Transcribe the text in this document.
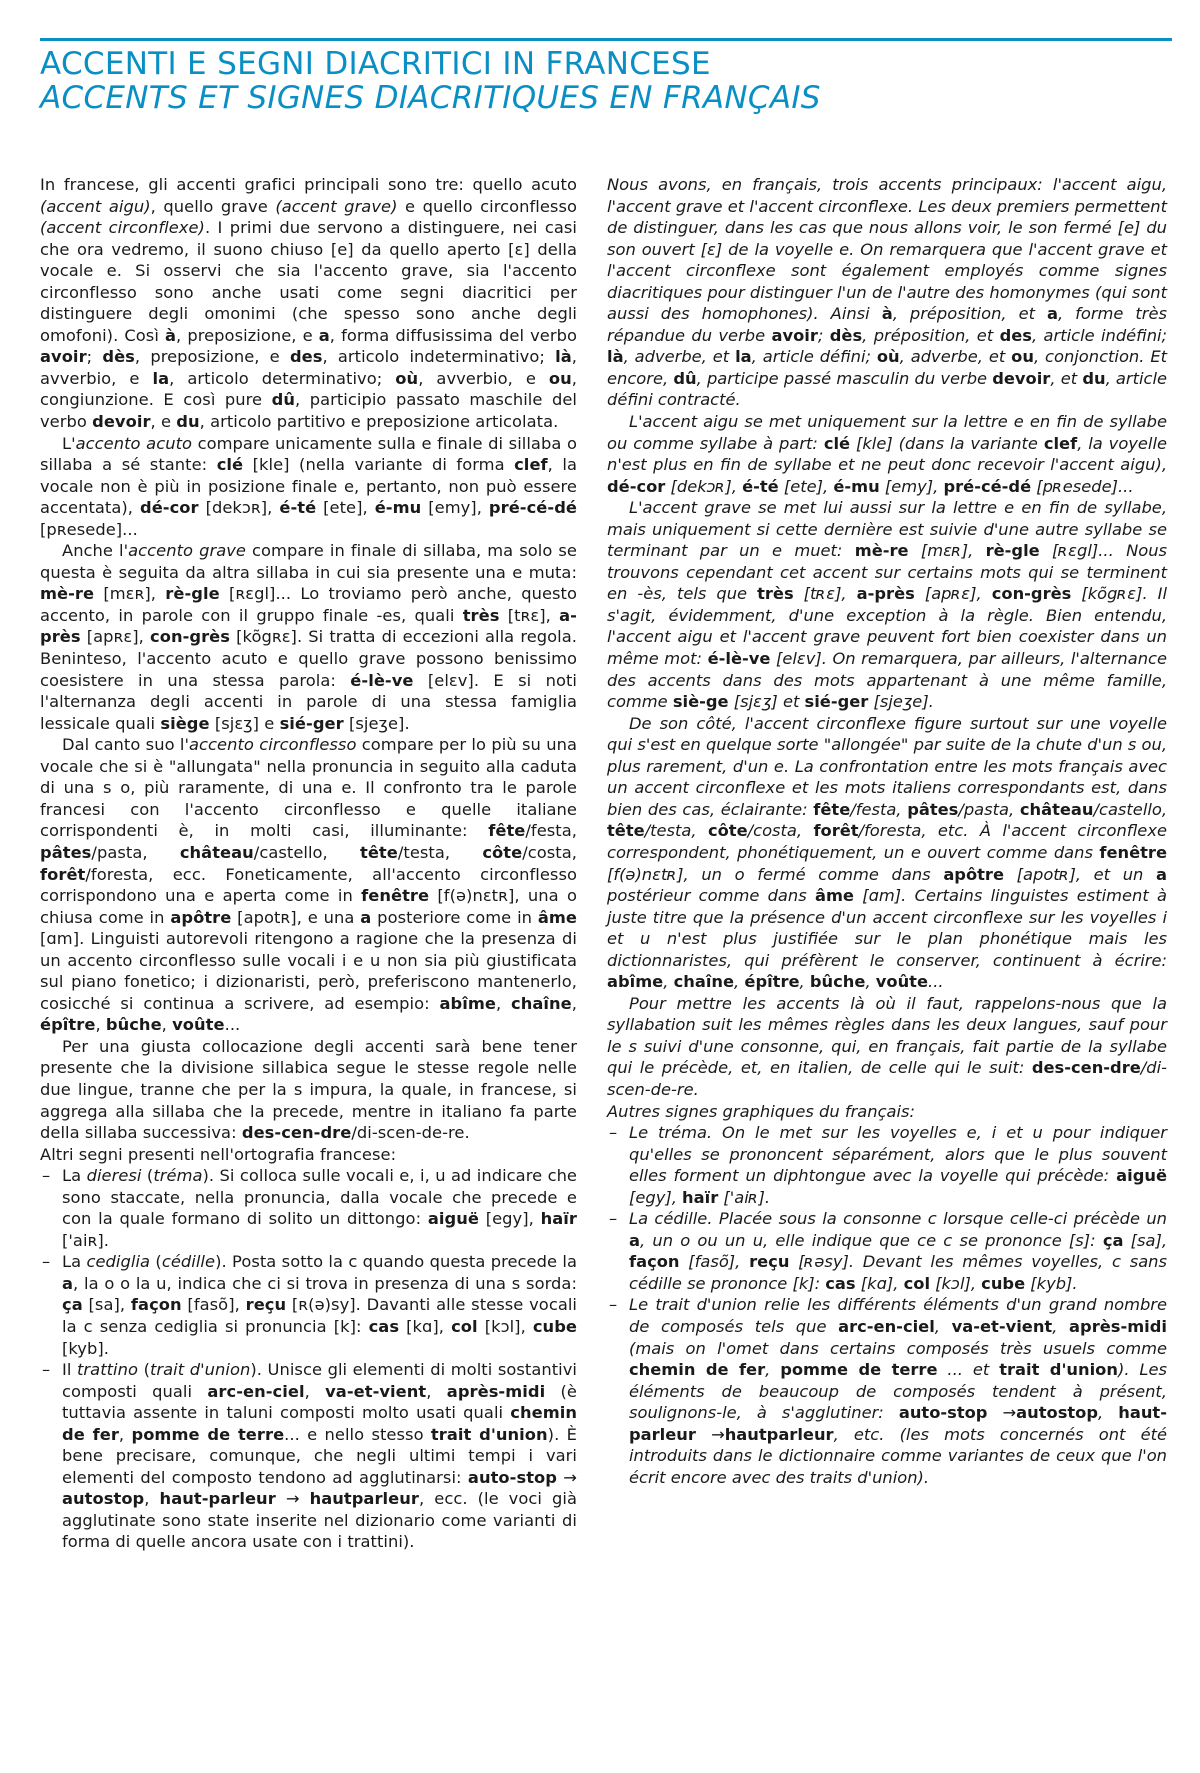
ACCENTI E SEGNI DIACRITICI IN FRANCESE
ACCENTS ET SIGNES DIACRITIQUES EN FRANÇAIS

In francese, gli accenti grafici principali sono tre: quello acuto (accent aigu), quello grave (accent grave) e quello circonflesso (accent circonflexe). I primi due servono a distinguere, nei casi che ora vedremo, il suono chiuso [e] da quello aperto [ɛ] della vocale e. Si osservi che sia l'accento grave, sia l'accento circonflesso sono anche usati come segni diacritici per distinguere degli omonimi (che spesso sono anche degli omofoni). Così à, preposizione, e a, forma diffusissima del verbo avoir; dès, preposizione, e des, articolo indeterminativo; là, avverbio, e la, articolo determinativo; où, avverbio, e ou, congiunzione. E così pure dû, participio passato maschile del verbo devoir, e du, articolo partitivo e preposizione articolata.

L'accento acuto compare unicamente sulla e finale di sillaba o sillaba a sé stante: clé [kle] (nella variante di forma clef, la vocale non è più in posizione finale e, pertanto, non può essere accentata), dé-cor [dekɔʀ], é-té [ete], é-mu [emy], pré-cé-dé [pʀesede]...

Anche l'accento grave compare in finale di sillaba, ma solo se questa è seguita da altra sillaba in cui sia presente una e muta: mè-re [mɛʀ], rè-gle [ʀɛgl]... Lo troviamo però anche, questo accento, in parole con il gruppo finale -es, quali très [tʀɛ], a-près [apʀɛ], con-grès [kõgʀɛ]. Si tratta di eccezioni alla regola. Beninteso, l'accento acuto e quello grave possono benissimo coesistere in una stessa parola: é-lè-ve [elɛv]. E si noti l'alternanza degli accenti in parole di una stessa famiglia lessicale quali siège [sjɛʒ] e sié-ger [sjeʒe].

Dal canto suo l'accento circonflesso compare per lo più su una vocale che si è "allungata" nella pronuncia in seguito alla caduta di una s o, più raramente, di una e. Il confronto tra le parole francesi con l'accento circonflesso e quelle italiane corrispondenti è, in molti casi, illuminante: fête/festa, pâtes/pasta, château/castello, tête/testa, côte/costa, forêt/foresta, ecc. Foneticamente, all'accento circonflesso corrispondono una e aperta come in fenêtre [f(ə)nɛtʀ], una o chiusa come in apôtre [apotʀ], e una a posteriore come in âme [ɑm]. Linguisti autorevoli ritengono a ragione che la presenza di un accento circonflesso sulle vocali i e u non sia più giustificata sul piano fonetico; i dizionaristi, però, preferiscono mantenerlo, cosicché si continua a scrivere, ad esempio: abîme, chaîne, épître, bûche, voûte...

Per una giusta collocazione degli accenti sarà bene tener presente che la divisione sillabica segue le stesse regole nelle due lingue, tranne che per la s impura, la quale, in francese, si aggrega alla sillaba che la precede, mentre in italiano fa parte della sillaba successiva: des-cen-dre/di-scen-de-re.

Altri segni presenti nell'ortografia francese:

– La dieresi (tréma). Si colloca sulle vocali e, i, u ad indicare che sono staccate, nella pronuncia, dalla vocale che precede e con la quale formano di solito un dittongo: aiguë [egy], haïr ['aiʀ].
– La cediglia (cédille). Posta sotto la c quando questa precede la a, la o o la u, indica che ci si trova in presenza di una s sorda: ça [sa], façon [fasõ], reçu [ʀ(ə)sy]. Davanti alle stesse vocali la c senza cediglia si pronuncia [k]: cas [kɑ], col [kɔl], cube [kyb].
– Il trattino (trait d'union). Unisce gli elementi di molti sostantivi composti quali arc-en-ciel, va-et-vient, après-midi (è tuttavia assente in taluni composti molto usati quali chemin de fer, pomme de terre... e nello stesso trait d'union). È bene precisare, comunque, che negli ultimi tempi i vari elementi del composto tendono ad agglutinarsi: auto-stop → autostop, haut-parleur → hautparleur, ecc. (le voci già agglutinate sono state inserite nel dizionario come varianti di forma di quelle ancora usate con i trattini).

Nous avons, en français, trois accents principaux: l'accent aigu, l'accent grave et l'accent circonflexe. Les deux premiers permettent de distinguer, dans les cas que nous allons voir, le son fermé [e] du son ouvert [ɛ] de la voyelle e. On remarquera que l'accent grave et l'accent circonflexe sont également employés comme signes diacritiques pour distinguer l'un de l'autre des homonymes (qui sont aussi des homophones). Ainsi à, préposition, et a, forme très répandue du verbe avoir; dès, préposition, et des, article indéfini; là, adverbe, et la, article défini; où, adverbe, et ou, conjonction. Et encore, dû, participe passé masculin du verbe devoir, et du, article défini contracté.

L'accent aigu se met uniquement sur la lettre e en fin de syllabe ou comme syllabe à part: clé [kle] (dans la variante clef, la voyelle n'est plus en fin de syllabe et ne peut donc recevoir l'accent aigu), dé-cor [dekɔʀ], é-té [ete], é-mu [emy], pré-cé-dé [pʀesede]...

L'accent grave se met lui aussi sur la lettre e en fin de syllabe, mais uniquement si cette dernière est suivie d'une autre syllabe se terminant par un e muet: mè-re [mɛʀ], rè-gle [ʀɛgl]... Nous trouvons cependant cet accent sur certains mots qui se terminent en -ès, tels que très [tʀɛ], a-près [apʀɛ], con-grès [kõgʀɛ]. Il s'agit, évidemment, d'une exception à la règle. Bien entendu, l'accent aigu et l'accent grave peuvent fort bien coexister dans un même mot: é-lè-ve [elɛv]. On remarquera, par ailleurs, l'alternance des accents dans des mots appartenant à une même famille, comme siè-ge [sjɛʒ] et sié-ger [sjeʒe].

De son côté, l'accent circonflexe figure surtout sur une voyelle qui s'est en quelque sorte "allongée" par suite de la chute d'un s ou, plus rarement, d'un e. La confrontation entre les mots français avec un accent circonflexe et les mots italiens correspondants est, dans bien des cas, éclairante: fête/festa, pâtes/pasta, château/castello, tête/testa, côte/costa, forêt/foresta, etc. À l'accent circonflexe correspondent, phonétiquement, un e ouvert comme dans fenêtre [f(ə)nɛtʀ], un o fermé comme dans apôtre [apotʀ], et un a postérieur comme dans âme [ɑm]. Certains linguistes estiment à juste titre que la présence d'un accent circonflexe sur les voyelles i et u n'est plus justifiée sur le plan phonétique mais les dictionnaristes, qui préfèrent le conserver, continuent à écrire: abîme, chaîne, épître, bûche, voûte...

Pour mettre les accents là où il faut, rappelons-nous que la syllabation suit les mêmes règles dans les deux langues, sauf pour le s suivi d'une consonne, qui, en français, fait partie de la syllabe qui le précède, et, en italien, de celle qui le suit: des-cen-dre/di-scen-de-re.

Autres signes graphiques du français:

– Le tréma. On le met sur les voyelles e, i et u pour indiquer qu'elles se prononcent séparément, alors que le plus souvent elles forment un diphtongue avec la voyelle qui précède: aiguë [egy], haïr ['aiʀ].
– La cédille. Placée sous la consonne c lorsque celle-ci précède un a, un o ou un u, elle indique que ce c se prononce [s]: ça [sa], façon [fasõ], reçu [ʀəsy]. Devant les mêmes voyelles, c sans cédille se prononce [k]: cas [kɑ], col [kɔl], cube [kyb].
– Le trait d'union relie les différents éléments d'un grand nombre de composés tels que arc-en-ciel, va-et-vient, après-midi (mais on l'omet dans certains composés très usuels comme chemin de fer, pomme de terre ... et trait d'union). Les éléments de beaucoup de composés tendent à présent, soulignons-le, à s'agglutiner: auto-stop →autostop, haut-parleur →hautparleur, etc. (les mots concernés ont été introduits dans le dictionnaire comme variantes de ceux que l'on écrit encore avec des traits d'union).
